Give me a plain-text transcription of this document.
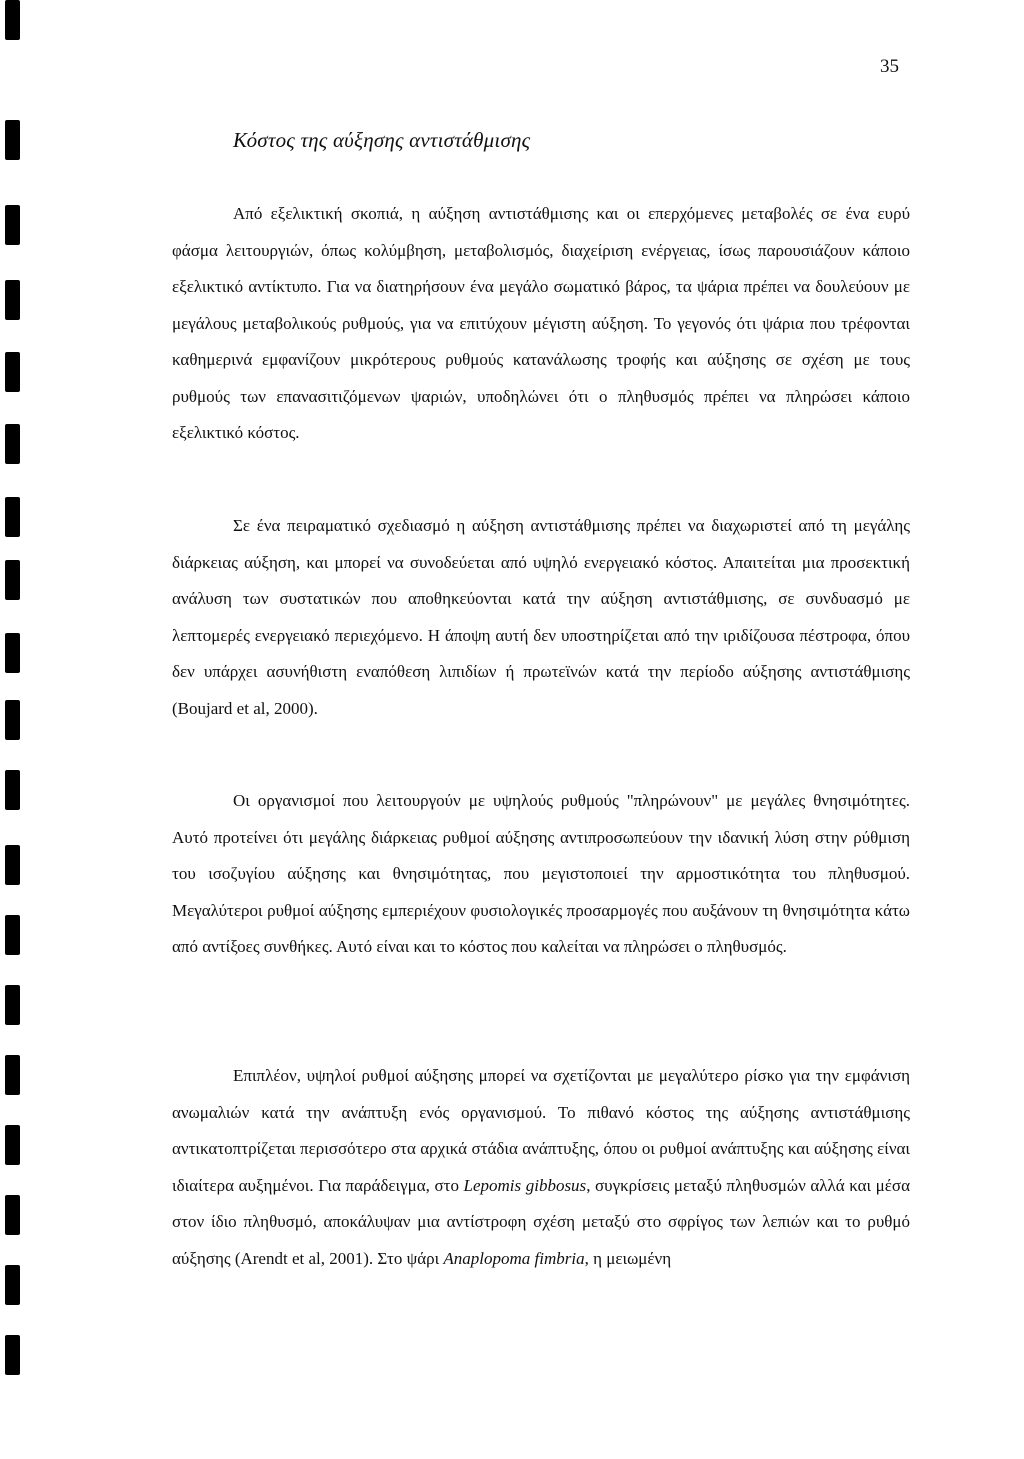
35
Κόστος της αύξησης αντιστάθμισης

Από εξελικτική σκοπιά, η αύξηση αντιστάθμισης και οι επερχόμενες μεταβολές σε ένα ευρύ φάσμα λειτουργιών, όπως κολύμβηση, μεταβολισμός, διαχείριση ενέργειας, ίσως παρουσιάζουν κάποιο εξελικτικό αντίκτυπο. Για να διατηρήσουν ένα μεγάλο σωματικό βάρος, τα ψάρια πρέπει να δουλεύουν με μεγάλους μεταβολικούς ρυθμούς, για να επιτύχουν μέγιστη αύξηση. Το γεγονός ότι ψάρια που τρέφονται καθημερινά εμφανίζουν μικρότερους ρυθμούς κατανάλωσης τροφής και αύξησης σε σχέση με τους ρυθμούς των επανασιτιζόμενων ψαριών, υποδηλώνει ότι ο πληθυσμός πρέπει να πληρώσει κάποιο εξελικτικό κόστος.

Σε ένα πειραματικό σχεδιασμό η αύξηση αντιστάθμισης πρέπει να διαχωριστεί από τη μεγάλης διάρκειας αύξηση, και μπορεί να συνοδεύεται από υψηλό ενεργειακό κόστος. Απαιτείται μια προσεκτική ανάλυση των συστατικών που αποθηκεύονται κατά την αύξηση αντιστάθμισης, σε συνδυασμό με λεπτομερές ενεργειακό περιεχόμενο. Η άποψη αυτή δεν υποστηρίζεται από την ιριδίζουσα πέστροφα, όπου δεν υπάρχει ασυνήθιστη εναπόθεση λιπιδίων ή πρωτεϊνών κατά την περίοδο αύξησης αντιστάθμισης (Boujard et al, 2000).

Οι οργανισμοί που λειτουργούν με υψηλούς ρυθμούς "πληρώνουν" με μεγάλες θνησιμότητες. Αυτό προτείνει ότι μεγάλης διάρκειας ρυθμοί αύξησης αντιπροσωπεύουν την ιδανική λύση στην ρύθμιση του ισοζυγίου αύξησης και θνησιμότητας, που μεγιστοποιεί την αρμοστικότητα του πληθυσμού. Μεγαλύτεροι ρυθμοί αύξησης εμπεριέχουν φυσιολογικές προσαρμογές που αυξάνουν τη θνησιμότητα κάτω από αντίξοες συνθήκες. Αυτό είναι και το κόστος που καλείται να πληρώσει ο πληθυσμός.

Επιπλέον, υψηλοί ρυθμοί αύξησης μπορεί να σχετίζονται με μεγαλύτερο ρίσκο για την εμφάνιση ανωμαλιών κατά την ανάπτυξη ενός οργανισμού. Το πιθανό κόστος της αύξησης αντιστάθμισης αντικατοπτρίζεται περισσότερο στα αρχικά στάδια ανάπτυξης, όπου οι ρυθμοί ανάπτυξης και αύξησης είναι ιδιαίτερα αυξημένοι. Για παράδειγμα, στο Lepomis gibbosus, συγκρίσεις μεταξύ πληθυσμών αλλά και μέσα στον ίδιο πληθυσμό, αποκάλυψαν μια αντίστροφη σχέση μεταξύ στο σφρίγος των λεπιών και το ρυθμό αύξησης (Arendt et al, 2001). Στο ψάρι Anaplopoma fimbria, η μειωμένη
